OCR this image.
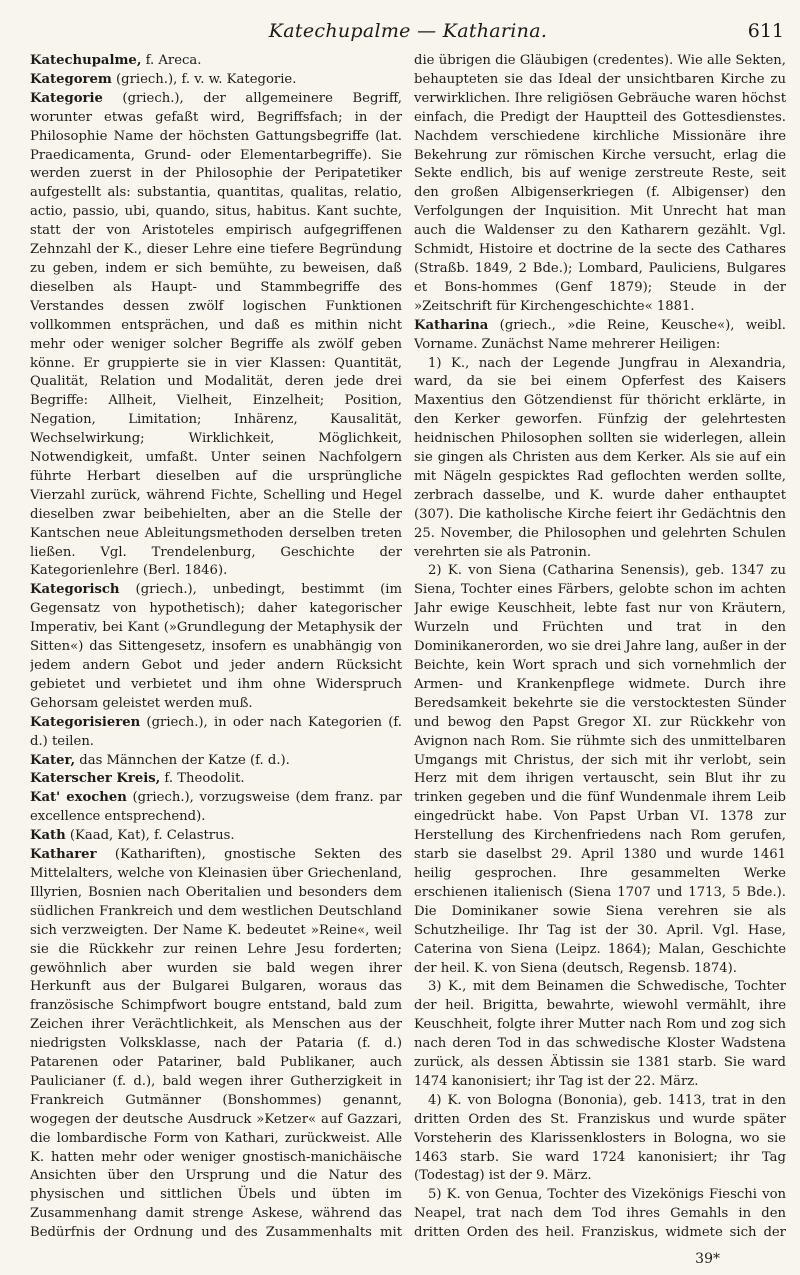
Katechupalme — Katharina.	611

Katechupalme, f. Areca.

Kategorem (griech.), f. v. w. Kategorie.

Kategorie (griech.), der allgemeinere Begriff, worunter etwas gefaßt wird, Begriffsfach; in der Philosophie Name der höchsten Gattungsbegriffe (lat. Praedicamenta, Grund- oder Elementarbegriffe). Sie werden zuerst in der Philosophie der Peripatetiker aufgestellt als: substantia, quantitas, qualitas, relatio, actio, passio, ubi, quando, situs, habitus. Kant suchte, statt der von Aristoteles empirisch aufgegriffenen Zehnzahl der K., dieser Lehre eine tiefere Begründung zu geben, indem er sich bemühte, zu beweisen, daß dieselben als Haupt- und Stammbegriffe des Verstandes dessen zwölf logischen Funktionen vollkommen entsprächen, und daß es mithin nicht mehr oder weniger solcher Begriffe als zwölf geben könne. Er gruppierte sie in vier Klassen: Quantität, Qualität, Relation und Modalität, deren jede drei Begriffe: Allheit, Vielheit, Einzelheit; Position, Negation, Limitation; Inhärenz, Kausalität, Wechselwirkung; Wirklichkeit, Möglichkeit, Notwendigkeit, umfaßt. Unter seinen Nachfolgern führte Herbart dieselben auf die ursprüngliche Vierzahl zurück, während Fichte, Schelling und Hegel dieselben zwar beibehielten, aber an die Stelle der Kantschen neue Ableitungsmethoden derselben treten ließen. Vgl. Trendelenburg, Geschichte der Kategorienlehre (Berl. 1846).

Kategorisch (griech.), unbedingt, bestimmt (im Gegensatz von hypothetisch); daher kategorischer Imperativ, bei Kant (»Grundlegung der Metaphysik der Sitten«) das Sittengesetz, insofern es unabhängig von jedem andern Gebot und jeder andern Rücksicht gebietet und verbietet und ihm ohne Widerspruch Gehorsam geleistet werden muß.

Kategorisieren (griech.), in oder nach Kategorien (f. d.) teilen.

Kater, das Männchen der Katze (f. d.).

Katerscher Kreis, f. Theodolit.

Kat' exochen (griech.), vorzugsweise (dem franz. par excellence entsprechend).

Kath (Kaad, Kat), f. Celastrus.

Katharer (Kathariften), gnostische Sekten des Mittelalters, welche von Kleinasien über Griechenland, Illyrien, Bosnien nach Oberitalien und besonders dem südlichen Frankreich und dem westlichen Deutschland sich verzweigten. Der Name K. bedeutet »Reine«, weil sie die Rückkehr zur reinen Lehre Jesu forderten; gewöhnlich aber wurden sie bald wegen ihrer Herkunft aus der Bulgarei Bulgaren, woraus das französische Schimpfwort bougre entstand, bald zum Zeichen ihrer Verächtlichkeit, als Menschen aus der niedrigsten Volksklasse, nach der Pataria (f. d.) Patarenen oder Patariner, bald Publikaner, auch Paulicianer (f. d.), bald wegen ihrer Gutherzigkeit in Frankreich Gutmänner (Bonshommes) genannt, wogegen der deutsche Ausdruck »Ketzer« auf Gazzari, die lombardische Form von Kathari, zurückweist. Alle K. hatten mehr oder weniger gnostisch-manichäische Ansichten über den Ursprung und die Natur des physischen und sittlichen Übels und übten im Zusammenhang damit strenge Askese, während das Bedürfnis der Ordnung und des Zusammenhalts mit

die übrigen die Gläubigen (credentes). Wie alle Sekten, behaupteten sie das Ideal der unsichtbaren Kirche zu verwirklichen. Ihre religiösen Gebräuche waren höchst einfach, die Predigt der Hauptteil des Gottesdienstes. Nachdem verschiedene kirchliche Missionäre ihre Bekehrung zur römischen Kirche versucht, erlag die Sekte endlich, bis auf wenige zerstreute Reste, seit den großen Albigenserkriegen (f. Albigenser) den Verfolgungen der Inquisition. Mit Unrecht hat man auch die Waldenser zu den Katharern gezählt. Vgl. Schmidt, Histoire et doctrine de la secte des Cathares (Straßb. 1849, 2 Bde.); Lombard, Pauliciens, Bulgares et Bons-hommes (Genf 1879); Steude in der »Zeitschrift für Kirchengeschichte« 1881.

Katharina (griech., »die Reine, Keusche«), weibl. Vorname. Zunächst Name mehrerer Heiligen:

1) K., nach der Legende Jungfrau in Alexandria, ward, da sie bei einem Opferfest des Kaisers Maxentius den Götzendienst für thöricht erklärte, in den Kerker geworfen. Fünfzig der gelehrtesten heidnischen Philosophen sollten sie widerlegen, allein sie gingen als Christen aus dem Kerker. Als sie auf ein mit Nägeln gespicktes Rad geflochten werden sollte, zerbrach dasselbe, und K. wurde daher enthauptet (307). Die katholische Kirche feiert ihr Gedächtnis den 25. November, die Philosophen und gelehrten Schulen verehrten sie als Patronin.

2) K. von Siena (Catharina Senensis), geb. 1347 zu Siena, Tochter eines Färbers, gelobte schon im achten Jahr ewige Keuschheit, lebte fast nur von Kräutern, Wurzeln und Früchten und trat in den Dominikanerorden, wo sie drei Jahre lang, außer in der Beichte, kein Wort sprach und sich vornehmlich der Armen- und Krankenpflege widmete. Durch ihre Beredsamkeit bekehrte sie die verstocktesten Sünder und bewog den Papst Gregor XI. zur Rückkehr von Avignon nach Rom. Sie rühmte sich des unmittelbaren Umgangs mit Christus, der sich mit ihr verlobt, sein Herz mit dem ihrigen vertauscht, sein Blut ihr zu trinken gegeben und die fünf Wundenmale ihrem Leib eingedrückt habe. Von Papst Urban VI. 1378 zur Herstellung des Kirchenfriedens nach Rom gerufen, starb sie daselbst 29. April 1380 und wurde 1461 heilig gesprochen. Ihre gesammelten Werke erschienen italienisch (Siena 1707 und 1713, 5 Bde.). Die Dominikaner sowie Siena verehren sie als Schutzheilige. Ihr Tag ist der 30. April. Vgl. Hase, Caterina von Siena (Leipz. 1864); Malan, Geschichte der heil. K. von Siena (deutsch, Regensb. 1874).

3) K., mit dem Beinamen die Schwedische, Tochter der heil. Brigitta, bewahrte, wiewohl vermählt, ihre Keuschheit, folgte ihrer Mutter nach Rom und zog sich nach deren Tod in das schwedische Kloster Wadstena zurück, als dessen Äbtissin sie 1381 starb. Sie ward 1474 kanonisiert; ihr Tag ist der 22. März.

4) K. von Bologna (Bononia), geb. 1413, trat in den dritten Orden des St. Franziskus und wurde später Vorsteherin des Klarissenklosters in Bologna, wo sie 1463 starb. Sie ward 1724 kanonisiert; ihr Tag (Todestag) ist der 9. März.

5) K. von Genua, Tochter des Vizekönigs Fieschi von Neapel, trat nach dem Tod ihres Gemahls in den dritten Orden des heil. Franziskus, widmete sich der

39*
